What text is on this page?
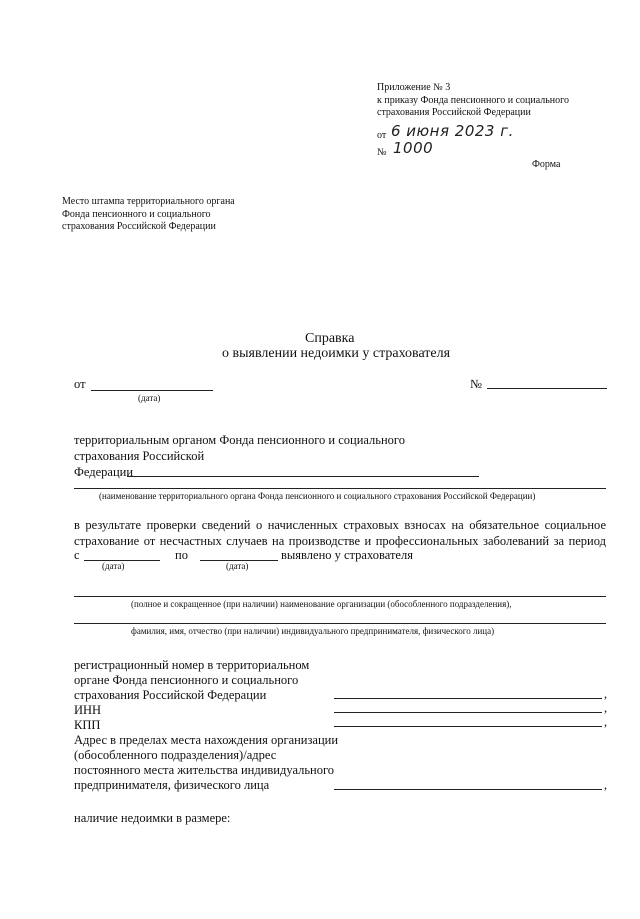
Приложение № 3
к приказу Фонда пенсионного и социального
страхования Российской Федерации
от 6 июня 2023 г.
№ 1000
Форма
Место штампа территориального органа
Фонда пенсионного и социального
страхования Российской Федерации
Справка
о выявлении недоимки у страхователя
от
(дата)
№
территориальным органом Фонда пенсионного и социального
страхования Российской
Федерации
(наименование территориального органа Фонда пенсионного и социального страхования Российской Федерации)
в результате проверки сведений о начисленных страховых взносах на обязательное социальное
страхование от несчастных случаев на производстве и профессиональных заболеваний за период
с	по	выявлено у страхователя
(дата)	(дата)
(полное и сокращенное (при наличии) наименование организации (обособленного подразделения),
фамилия, имя, отчество (при наличии) индивидуального предпринимателя, физического лица)
регистрационный номер в территориальном
органе Фонда пенсионного и социального
страхования Российской Федерации	,
ИНН	,
КПП	,
Адрес в пределах места нахождения организации
(обособленного подразделения)/адрес
постоянного места жительства индивидуального
предпринимателя, физического лица	,
наличие недоимки в размере:
